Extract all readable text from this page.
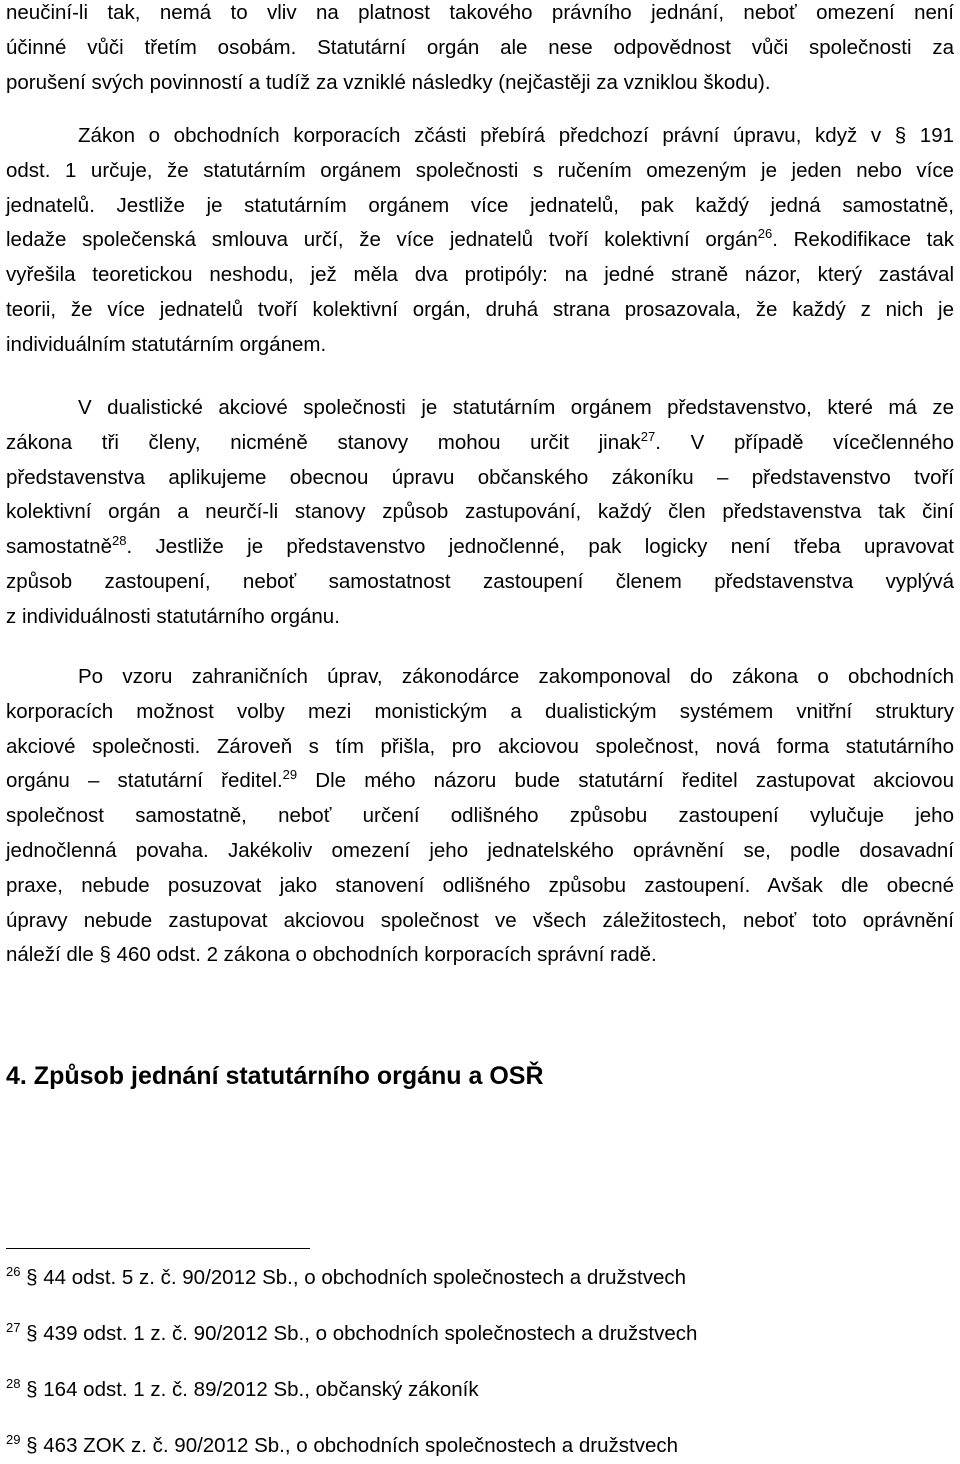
neučiní-li tak, nemá to vliv na platnost takového právního jednání, neboť omezení není
účinné vůči třetím osobám. Statutární orgán ale nese odpovědnost vůči společnosti za
porušení svých povinností a tudíž za vzniklé následky (nejčastěji za vzniklou škodu).
Zákon o obchodních korporacích zčásti přebírá předchozí právní úpravu, když v § 191
odst. 1 určuje, že statutárním orgánem společnosti s ručením omezeným je jeden nebo více
jednatelů. Jestliže je statutárním orgánem více jednatelů, pak každý jedná samostatně,
ledaže společenská smlouva určí, že více jednatelů tvoří kolektivní orgán$^{26}$. Rekodifikace tak
vyřešila teoretickou neshodu, jež měla dva protipóly: na jedné straně názor, který zastával
teorii, že více jednatelů tvoří kolektivní orgán, druhá strana prosazovala, že každý z nich je
individuálním statutárním orgánem.
V dualistické akciové společnosti je statutárním orgánem představenstvo, které má ze
zákona tři členy, nicméně stanovy mohou určit jinak$^{27}$. V případě vícečlenného
představenstva aplikujeme obecnou úpravu občanského zákoníku – představenstvo tvoří
kolektivní orgán a neurčí-li stanovy způsob zastupování, každý člen představenstva tak činí
samostatně$^{28}$. Jestliže je představenstvo jednočlenné, pak logicky není třeba upravovat
způsob zastoupení, neboť samostatnost zastoupení členem představenstva vyplývá
z individuálnosti statutárního orgánu.
Po vzoru zahraničních úprav, zákonodárce zakomponoval do zákona o obchodních
korporacích možnost volby mezi monistickým a dualistickým systémem vnitřní struktury
akciové společnosti. Zároveň s tím přišla, pro akciovou společnost, nová forma statutárního
orgánu – statutární ředitel.$^{29}$ Dle mého názoru bude statutární ředitel zastupovat akciovou
společnost samostatně, neboť určení odlišného způsobu zastoupení vylučuje jeho
jednočlenná povaha. Jakékoliv omezení jeho jednatelského oprávnění se, podle dosavadní
praxe, nebude posuzovat jako stanovení odlišného způsobu zastoupení. Avšak dle obecné
úpravy nebude zastupovat akciovou společnost ve všech záležitostech, neboť toto oprávnění
náleží dle § 460 odst. 2 zákona o obchodních korporacích správní radě.
4. Způsob jednání statutárního orgánu a OSŘ

$^{26}$ § 44 odst. 5 z. č. 90/2012 Sb., o obchodních společnostech a družstvech

$^{27}$ § 439 odst. 1 z. č. 90/2012 Sb., o obchodních společnostech a družstvech

$^{28}$ § 164 odst. 1 z. č. 89/2012 Sb., občanský zákoník

$^{29}$ § 463 ZOK z. č. 90/2012 Sb., o obchodních společnostech a družstvech
